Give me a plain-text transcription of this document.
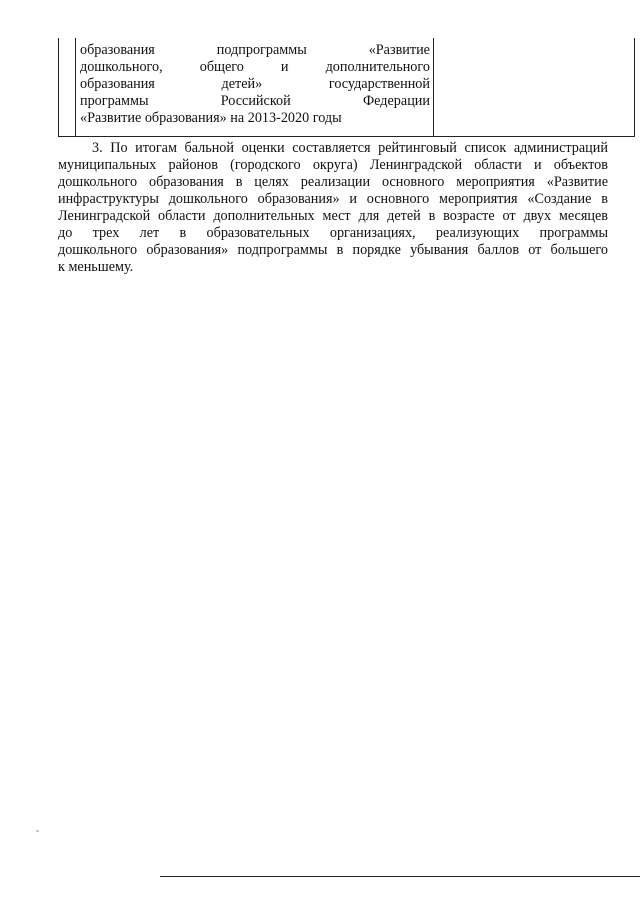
образования	подпрограммы	«Развитие
дошкольного,	общего	и	дополнительного
образования	детей»	государственной
программы	Российской	Федерации
«Развитие образования» на 2013-2020 годы
3. По итогам бальной оценки составляется рейтинговый список администраций
муниципальных районов (городского округа) Ленинградской области и объектов
дошкольного образования в целях реализации основного мероприятия «Развитие
инфраструктуры дошкольного образования» и основного мероприятия «Создание в
Ленинградской области дополнительных мест для детей в возрасте от двух месяцев
до трех лет в образовательных организациях, реализующих программы
дошкольного образования» подпрограммы в порядке убывания баллов от большего
к меньшему.
